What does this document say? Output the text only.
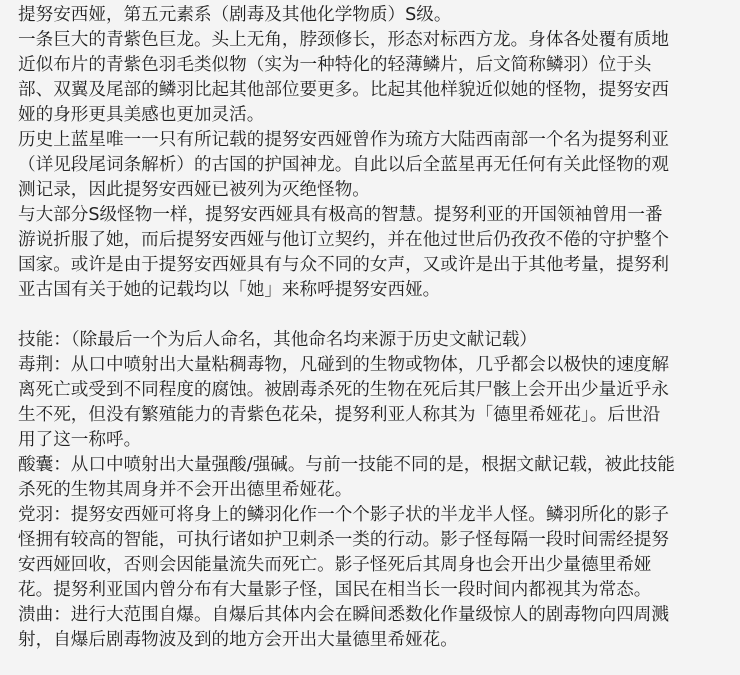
提努安西娅，第五元素系（剧毒及其他化学物质）S级。
一条巨大的青紫色巨龙。头上无角，脖颈修长，形态对标西方龙。身体各处覆有质地
近似布片的青紫色羽毛类似物（实为一种特化的轻薄鳞片，后文简称鳞羽）位于头
部、双翼及尾部的鳞羽比起其他部位要更多。比起其他样貌近似她的怪物，提努安西
娅的身形更具美感也更加灵活。
历史上蓝星唯一一只有所记载的提努安西娅曾作为琉方大陆西南部一个名为提努利亚
（详见段尾词条解析）的古国的护国神龙。自此以后全蓝星再无任何有关此怪物的观
测记录，因此提努安西娅已被列为灭绝怪物。
与大部分S级怪物一样，提努安西娅具有极高的智慧。提努利亚的开国领袖曾用一番
游说折服了她，而后提努安西娅与他订立契约，并在他过世后仍孜孜不倦的守护整个
国家。或许是由于提努安西娅具有与众不同的女声，又或许是出于其他考量，提努利
亚古国有关于她的记载均以「她」来称呼提努安西娅。
技能：（除最后一个为后人命名，其他命名均来源于历史文献记载）
毒荆：从口中喷射出大量粘稠毒物，凡碰到的生物或物体，几乎都会以极快的速度解
离死亡或受到不同程度的腐蚀。被剧毒杀死的生物在死后其尸骸上会开出少量近乎永
生不死，但没有繁殖能力的青紫色花朵，提努利亚人称其为「德里希娅花」。后世沿
用了这一称呼。
酸囊：从口中喷射出大量强酸/强碱。与前一技能不同的是，根据文献记载，被此技能
杀死的生物其周身并不会开出德里希娅花。
党羽：提努安西娅可将身上的鳞羽化作一个个影子状的半龙半人怪。鳞羽所化的影子
怪拥有较高的智能，可执行诸如护卫刺杀一类的行动。影子怪每隔一段时间需经提努
安西娅回收，否则会因能量流失而死亡。影子怪死后其周身也会开出少量德里希娅
花。提努利亚国内曾分布有大量影子怪，国民在相当长一段时间内都视其为常态。
溃曲：进行大范围自爆。自爆后其体内会在瞬间悉数化作量级惊人的剧毒物向四周溅
射，自爆后剧毒物波及到的地方会开出大量德里希娅花。
